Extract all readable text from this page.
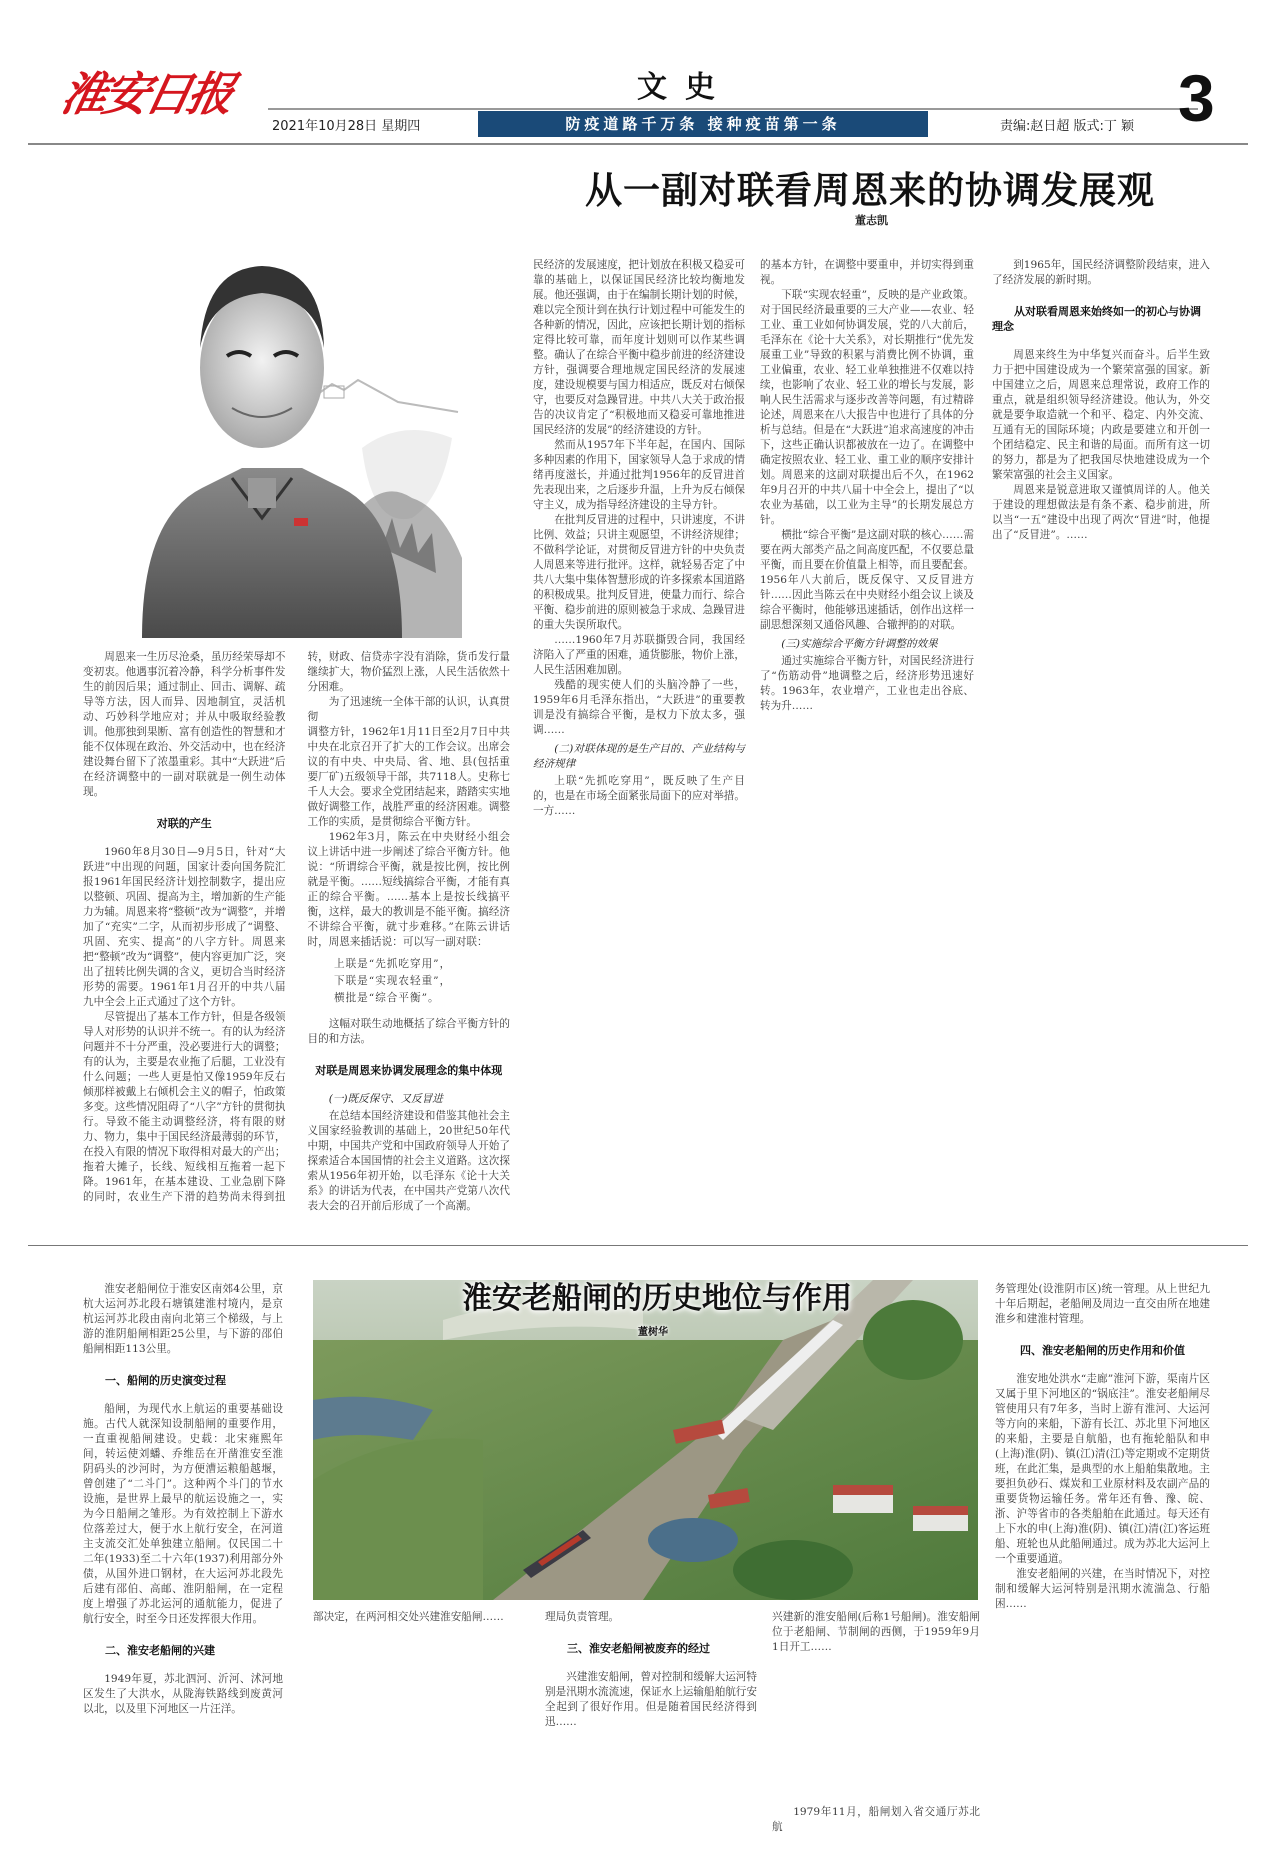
淮安日报	文史
2021年10月28日 星期四	防疫道路千万条 接种疫苗第一条	责编:赵日超 版式:丁 颖 3
从一副对联看周恩来的协调发展观
董志凯

周恩来一生历尽沧桑，虽历经荣辱却不变初衷。他遇事沉着冷静，科学分析事件发生的前因后果；通过制止、回击、调解、疏导等方法，因人而异、因地制宜，灵活机动、巧妙科学地应对；并从中吸取经验教训。他那独到果断、富有创造性的智慧和才能不仅体现在政治、外交活动中，也在经济建设舞台留下了浓墨重彩。其中“大跃进”后在经济调整中的一副对联就是一例生动体现。

对联的产生

1960年8月30日—9月5日，针对“大跃进”中出现的问题，国家计委向国务院汇报1961年国民经济计划控制数字，提出应以整顿、巩固、提高为主，增加新的生产能力为辅。周恩来将“整顿”改为“调整”，并增加了“充实”二字，从而初步形成了“调整、巩固、充实、提高”的八字方针。周恩来把“整顿”改为“调整”，使内容更加广泛，突出了扭转比例失调的含义，更切合当时经济形势的需要。1961年1月召开的中共八届九中全会上正式通过了这个方针。

尽管提出了基本工作方针，但是各级领导人对形势的认识并不统一。有的认为经济问题并不十分严重，没必要进行大的调整；有的认为，主要是农业拖了后腿，工业没有什么问题；一些人更是怕又像1959年反右倾那样被戴上右倾机会主义的帽子，怕政策多变。这些情况阻碍了“八字”方针的贯彻执行。导致不能主动调整经济，将有限的财力、物力，集中于国民经济最薄弱的环节，在投入有限的情况下取得相对最大的产出；拖着大摊子，长线、短线相互拖着一起下降。1961年，在基本建设、工业急剧下降的同时，农业生产下滑的趋势尚未得到扭转，财政、信贷赤字没有消除，货币发行量继续扩大，物价猛烈上涨，人民生活依然十分困难。

为了迅速统一全体干部的认识，认真贯彻

调整方针，1962年1月11日至2月7日中共中央在北京召开了扩大的工作会议。出席会议的有中央、中央局、省、地、县(包括重要厂矿)五级领导干部，共7118人。史称七千人大会。要求全党团结起来，踏踏实实地做好调整工作，战胜严重的经济困难。调整工作的实质，是贯彻综合平衡方针。

1962年3月，陈云在中央财经小组会议上讲话中进一步阐述了综合平衡方针。他说：“所谓综合平衡，就是按比例，按比例就是平衡。……短线搞综合平衡，才能有真正的综合平衡。……基本上是按长线搞平衡，这样，最大的教训是不能平衡。搞经济不讲综合平衡，就寸步难移。”在陈云讲话时，周恩来插话说：可以写一副对联：

上联是“先抓吃穿用”，
下联是“实现农轻重”，
横批是“综合平衡”。

这幅对联生动地概括了综合平衡方针的目的和方法。

对联是周恩来协调发展理念的集中体现
(一)既反保守、又反冒进

在总结本国经济建设和借鉴其他社会主义国家经验教训的基础上，20世纪50年代中期，中国共产党和中国政府领导人开始了探索适合本国国情的社会主义道路。这次探索从1956年初开始，以毛泽东《论十大关系》的讲话为代表，在中国共产党第八次代表大会的召开前后形成了一个高潮。

民经济的发展速度，把计划放在积极又稳妥可靠的基础上，以保证国民经济比较均衡地发展。他还强调，由于在编制长期计划的时候，难以完全预计到在执行计划过程中可能发生的各种新的情况，因此，应该把长期计划的指标定得比较可靠，而年度计划则可以作某些调整。确认了在综合平衡中稳步前进的经济建设方针，强调要合理地规定国民经济的发展速度，建设规模要与国力相适应，既反对右倾保守，也要反对急躁冒进。中共八大关于政治报告的决议肯定了“积极地而又稳妥可靠地推进国民经济的发展”的经济建设的方针。

然而从1957年下半年起，在国内、国际多种因素的作用下，国家领导人急于求成的情绪再度滋长，并通过批判1956年的反冒进首先表现出来，之后逐步升温，上升为反右倾保守主义，成为指导经济建设的主导方针。

在批判反冒进的过程中，只讲速度，不讲比例、效益；只讲主观愿望，不讲经济规律；不做科学论证，对贯彻反冒进方针的中央负责人周恩来等进行批评。这样，就轻易否定了中共八大集中集体智慧形成的许多探索本国道路的积极成果。批判反冒进，使量力而行、综合平衡、稳步前进的原则被急于求成、急躁冒进的重大失误所取代。

……1960年7月苏联撕毁合同，我国经济陷入了严重的困难，通货膨胀，物价上涨，人民生活困难加剧。

残酷的现实使人们的头脑冷静了一些，1959年6月毛泽东指出，“大跃进”的重要教训是没有搞综合平衡，是权力下放太多，强调……

(二)对联体现的是生产目的、产业结构与经济规律

上联“先抓吃穿用”，既反映了生产目的，也是在市场全面紧张局面下的应对举措。一方……

的基本方针，在调整中要重申，并切实得到重视。

下联“实现农轻重”，反映的是产业政策。对于国民经济最重要的三大产业——农业、轻工业、重工业如何协调发展，党的八大前后，毛泽东在《论十大关系》，对长期推行“优先发展重工业”导致的积累与消费比例不协调，重工业偏重，农业、轻工业单独推进不仅难以持续，也影响了农业、轻工业的增长与发展，影响人民生活需求与逐步改善等问题，有过精辟论述，周恩来在八大报告中也进行了具体的分析与总结。但是在“大跃进”追求高速度的冲击下，这些正确认识都被放在一边了。在调整中确定按照农业、轻工业、重工业的顺序安排计划。周恩来的这副对联提出后不久，在1962年9月召开的中共八届十中全会上，提出了“以农业为基础，以工业为主导”的长期发展总方针。

横批“综合平衡”是这副对联的核心……需要在两大部类产品之间高度匹配，不仅要总量平衡，而且要在价值量上相等，而且要配套。1956年八大前后，既反保守、又反冒进方针……因此当陈云在中央财经小组会议上谈及综合平衡时，他能够迅速插话，创作出这样一副思想深刻又通俗风趣、合辙押韵的对联。

(三)实施综合平衡方针调整的效果

通过实施综合平衡方针，对国民经济进行了“伤筋动骨”地调整之后，经济形势迅速好转。1963年，农业增产，工业也走出谷底、转为升……

到1965年，国民经济调整阶段结束，进入了经济发展的新时期。

从对联看周恩来始终如一的初心与协调理念

周恩来终生为中华复兴而奋斗。后半生致力于把中国建设成为一个繁荣富强的国家。新中国建立之后，周恩来总理常说，政府工作的重点，就是组织领导经济建设。他认为，外交就是要争取造就一个和平、稳定、内外交流、互通有无的国际环境；内政是要建立和开创一个团结稳定、民主和谐的局面。而所有这一切的努力，都是为了把我国尽快地建设成为一个繁荣富强的社会主义国家。

周恩来是锐意进取又谨慎周详的人。他关于建设的理想做法是有条不紊、稳步前进，所以当“一五”建设中出现了两次“冒进”时，他提出了“反冒进”。……

淮安老船闸的历史地位与作用
董树华

淮安老船闸位于淮安区南郊4公里，京杭大运河苏北段石塘镇建淮村境内，是京杭运河苏北段由南向北第三个梯级，与上游的淮阴船闸相距25公里，与下游的邵伯船闸相距113公里。

一、船闸的历史演变过程

船闸，为现代水上航运的重要基础设施。古代人就深知设制船闸的重要作用，一直重视船闸建设。史载：北宋雍熙年间，转运使刘蟠、乔维岳在开凿淮安至淮阴码头的沙河时，为方便漕运粮船越堰，曾创建了“二斗门”。这种两个斗门的节水设施，是世界上最早的航运设施之一，实为今日船闸之雏形。为有效控制上下游水位落差过大，便于水上航行安全，在河道主支流交汇处单独建立船闸。仅民国二十二年(1933)至二十六年(1937)利用部分外债，从国外进口钢材，在大运河苏北段先后建有邵伯、高邮、淮阴船闸，在一定程度上增强了苏北运河的通航能力，促进了航行安全，时至今日还发挥很大作用。

二、淮安老船闸的兴建

1949年夏，苏北泗河、沂河、沭河地区发生了大洪水，从陇海铁路线到废黄河以北，以及里下河地区一片汪洋。

部决定，在两河相交处兴建淮安船闸……	理局负责管理。

三、淮安老船闸被废弃的经过

兴建淮安船闸，曾对控制和缓解大运河特别是汛期水流流速，保证水上运输船舶航行安全起到了很好作用。但是随着国民经济得到迅……

兴建新的淮安船闸(后称1号船闸)。淮安船闸位于老船闸、节制闸的西侧，于1959年9月1日开工……

1979年11月，船闸划入省交通厅苏北航

务管理处(设淮阴市区)统一管理。从上世纪九十年后期起，老船闸及周边一直交由所在地建淮乡和建淮村管理。

四、淮安老船闸的历史作用和价值

淮安地处洪水“走廊”淮河下游，渠南片区又属于里下河地区的“锅底洼”。淮安老船闸尽管使用只有7年多，当时上游有淮河、大运河等方向的来船，下游有长江、苏北里下河地区的来船，主要是自航船，也有拖轮船队和申(上海)淮(阴)、镇(江)清(江)等定期或不定期货班，在此汇集，是典型的水上船舶集散地。主要担负砂石、煤炭和工业原材料及农副产品的重要货物运输任务。常年还有鲁、豫、皖、浙、沪等省市的各类船舶在此通过。每天还有上下水的申(上海)淮(阴)、镇(江)清(江)客运班船、班轮也从此船闸通过。成为苏北大运河上一个重要通道。

淮安老船闸的兴建，在当时情况下，对控制和缓解大运河特别是汛期水流湍急、行船困……
